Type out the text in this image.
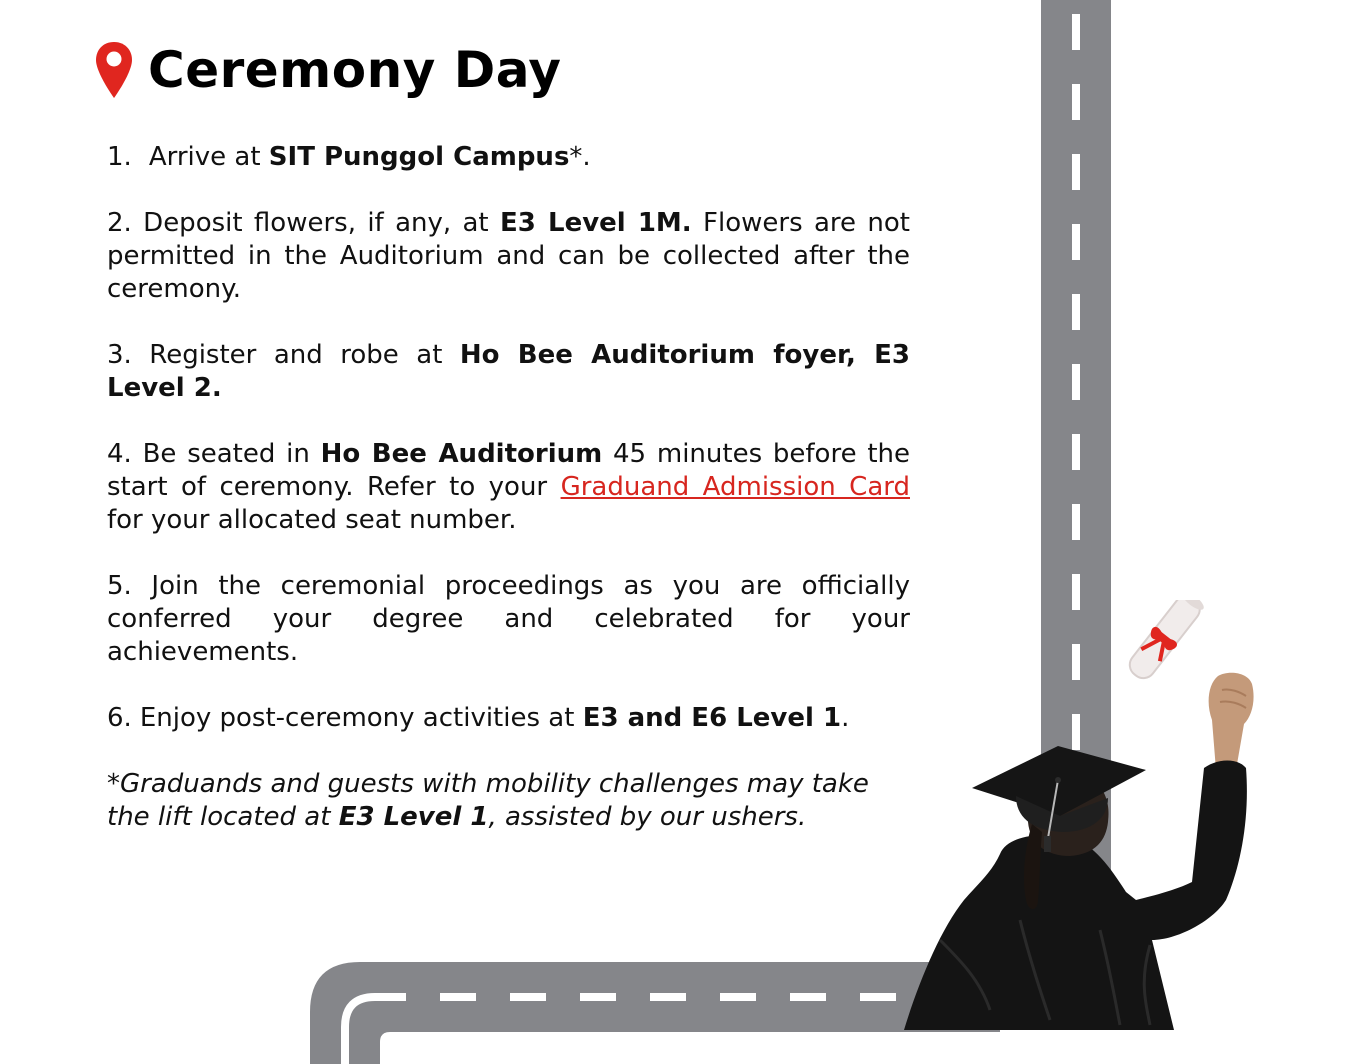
Ceremony Day

1. Arrive at SIT Punggol Campus*.

2. Deposit flowers, if any, at E3 Level 1M. Flowers are not permitted in the Auditorium and can be collected after the ceremony.

3. Register and robe at Ho Bee Auditorium foyer, E3 Level 2.

4. Be seated in Ho Bee Auditorium 45 minutes before the start of ceremony. Refer to your Graduand Admission Card for your allocated seat number.

5. Join the ceremonial proceedings as you are officially conferred your degree and celebrated for your achievements.

6. Enjoy post-ceremony activities at E3 and E6 Level 1.

*Graduands and guests with mobility challenges may take the lift located at E3 Level 1, assisted by our ushers.
